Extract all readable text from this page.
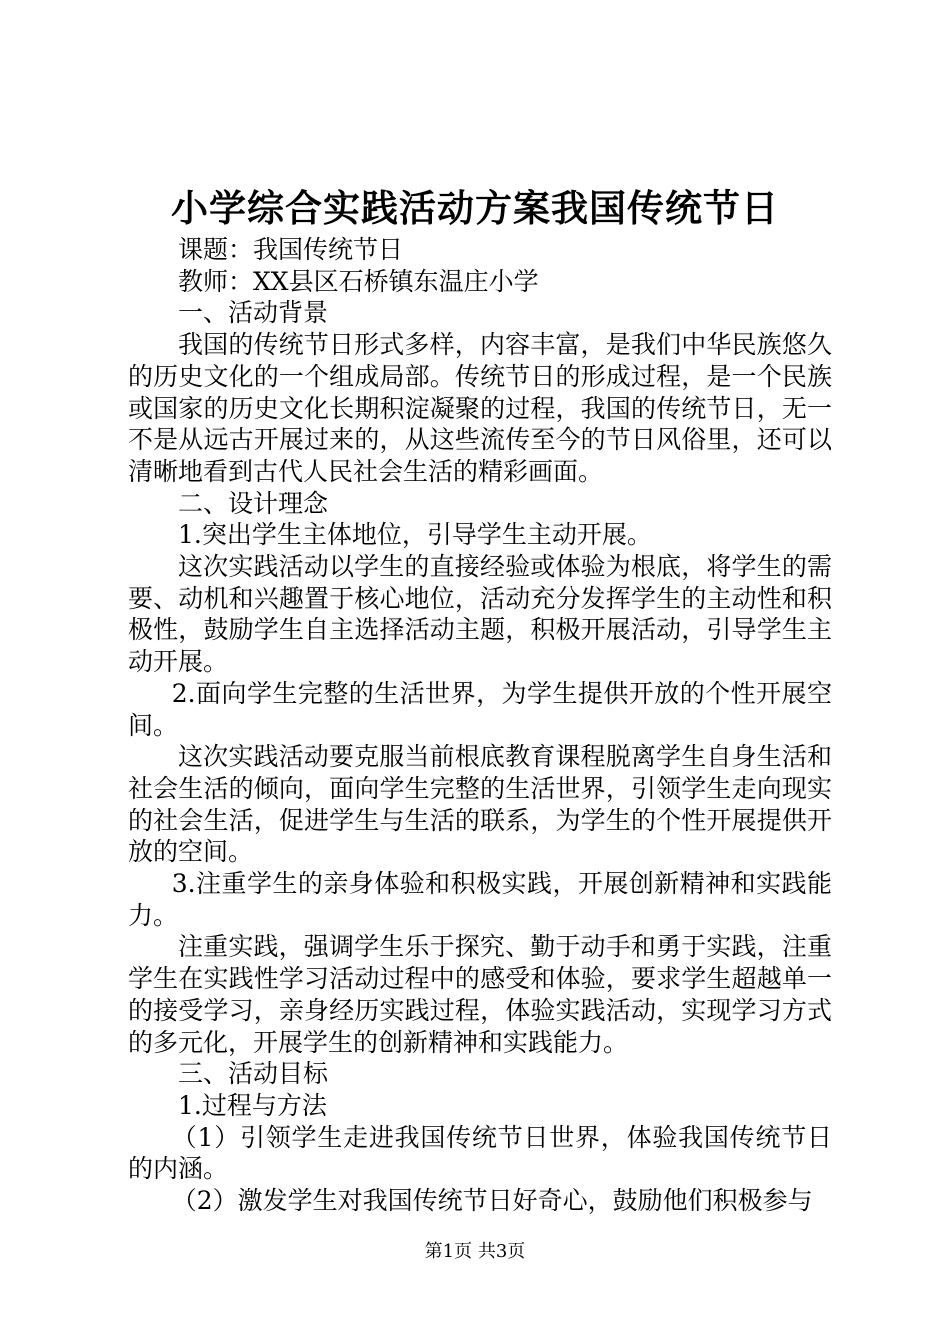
小学综合实践活动方案我国传统节日

课题：我国传统节日

教师：XX县区石桥镇东温庄小学

一、活动背景

我国的传统节日形式多样，内容丰富，是我们中华民族悠久的历史文化的一个组成局部。传统节日的形成过程，是一个民族或国家的历史文化长期积淀凝聚的过程，我国的传统节日，无一不是从远古开展过来的，从这些流传至今的节日风俗里，还可以清晰地看到古代人民社会生活的精彩画面。

二、设计理念

1.突出学生主体地位，引导学生主动开展。

这次实践活动以学生的直接经验或体验为根底，将学生的需要、动机和兴趣置于核心地位，活动充分发挥学生的主动性和积极性，鼓励学生自主选择活动主题，积极开展活动，引导学生主动开展。

2.面向学生完整的生活世界，为学生提供开放的个性开展空间。

这次实践活动要克服当前根底教育课程脱离学生自身生活和社会生活的倾向，面向学生完整的生活世界，引领学生走向现实的社会生活，促进学生与生活的联系，为学生的个性开展提供开放的空间。

3.注重学生的亲身体验和积极实践，开展创新精神和实践能力。

注重实践，强调学生乐于探究、勤于动手和勇于实践，注重学生在实践性学习活动过程中的感受和体验，要求学生超越单一的接受学习，亲身经历实践过程，体验实践活动，实现学习方式的多元化，开展学生的创新精神和实践能力。

三、活动目标

1.过程与方法

（1）引领学生走进我国传统节日世界，体验我国传统节日的内涵。

（2）激发学生对我国传统节日好奇心，鼓励他们积极参与

第1页 共3页
